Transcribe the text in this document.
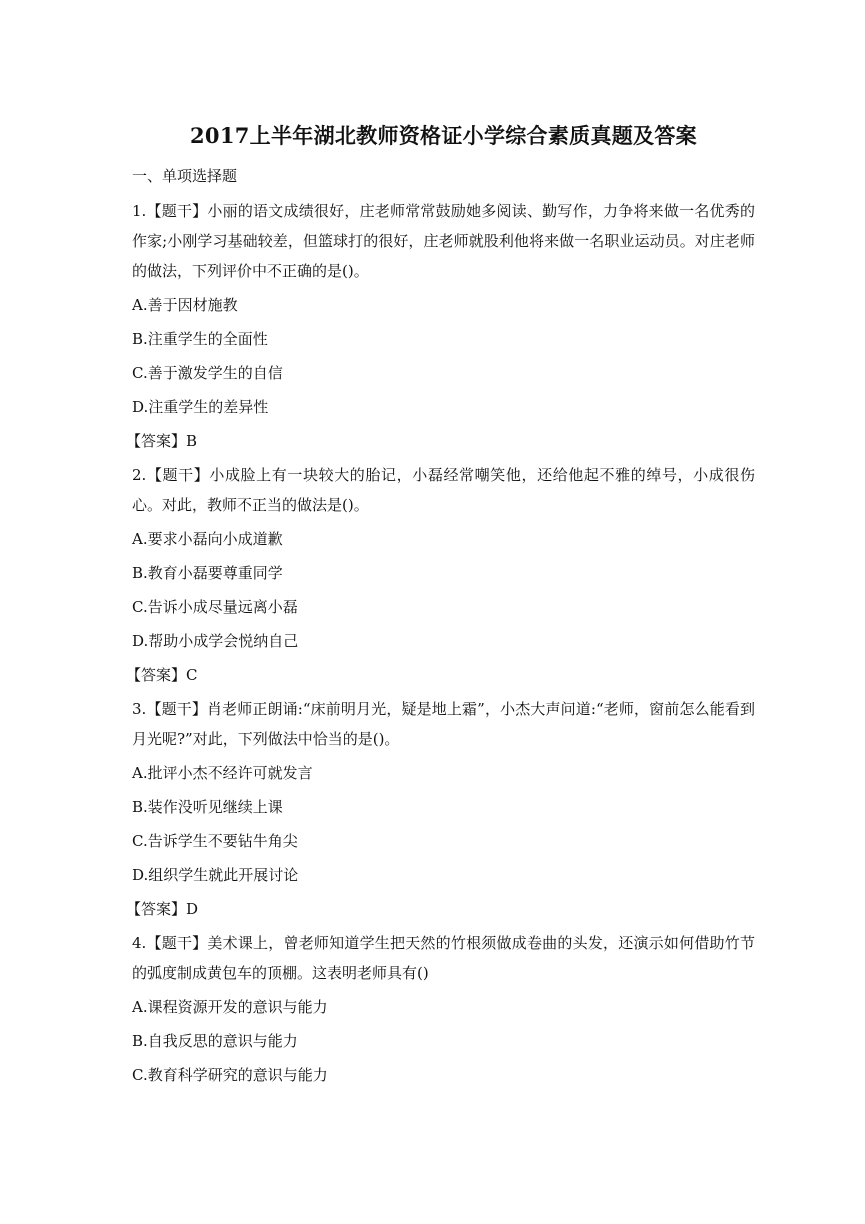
2017上半年湖北教师资格证小学综合素质真题及答案
一、单项选择题

1.【题干】小丽的语文成绩很好，庄老师常常鼓励她多阅读、勤写作，力争将来做一名优秀的作家;小刚学习基础较差，但篮球打的很好，庄老师就股利他将来做一名职业运动员。对庄老师的做法，下列评价中不正确的是()。

A.善于因材施教

B.注重学生的全面性

C.善于激发学生的自信

D.注重学生的差异性

【答案】B

2.【题干】小成脸上有一块较大的胎记，小磊经常嘲笑他，还给他起不雅的绰号，小成很伤心。对此，教师不正当的做法是()。

A.要求小磊向小成道歉

B.教育小磊要尊重同学

C.告诉小成尽量远离小磊

D.帮助小成学会悦纳自己

【答案】C

3.【题干】肖老师正朗诵:“床前明月光，疑是地上霜”，小杰大声问道:“老师，窗前怎么能看到月光呢?”对此，下列做法中恰当的是()。

A.批评小杰不经许可就发言

B.装作没听见继续上课

C.告诉学生不要钻牛角尖

D.组织学生就此开展讨论

【答案】D

4.【题干】美术课上，曾老师知道学生把天然的竹根须做成卷曲的头发，还演示如何借助竹节的弧度制成黄包车的顶棚。这表明老师具有()

A.课程资源开发的意识与能力

B.自我反思的意识与能力

C.教育科学研究的意识与能力
